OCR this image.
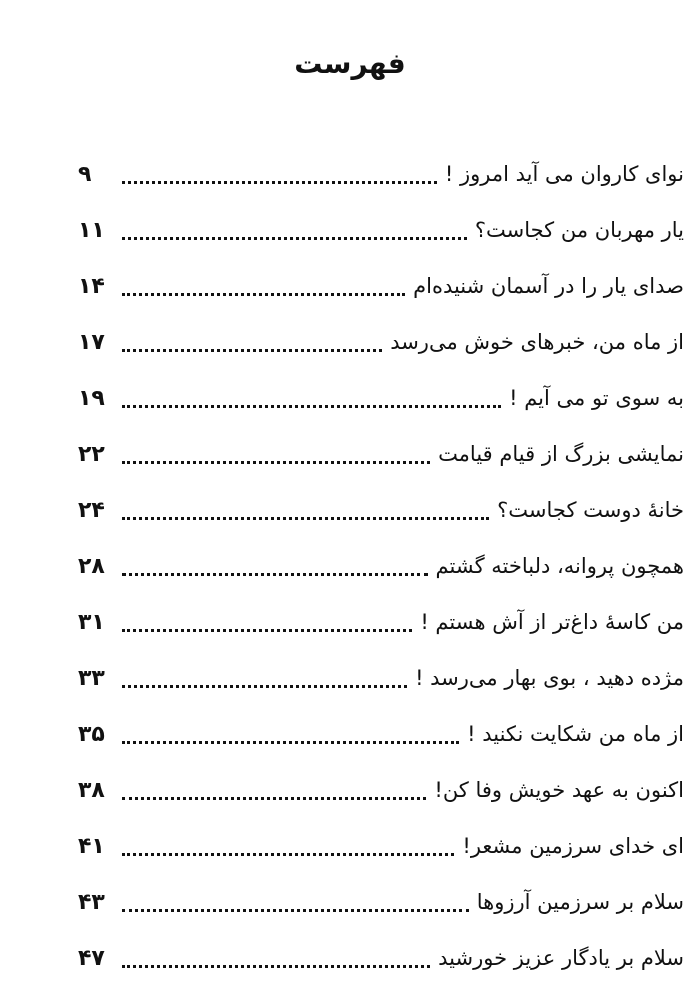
فهرست
نوای کاروان می آید امروز !
۹
یار مهربان من کجاست؟
۱۱
صدای یار را در آسمان شنیده‌ام
۱۴
از ماه من، خبرهای خوش می‌رسد
۱۷
به سوی تو می آیم !
۱۹
نمایشی بزرگ از قیام قیامت
۲۲
خانهٔ دوست کجاست؟
۲۴
همچون پروانه، دلباخته گشتم
۲۸
من کاسهٔ داغ‌تر از آش هستم !
۳۱
مژده دهید ، بوی بهار می‌رسد !
۳۳
از ماه من شکایت نکنید !
۳۵
اکنون به عهد خویش وفا کن!
۳۸
ای خدای سرزمین مشعر!
۴۱
سلام بر سرزمین آرزوها
۴۳
سلام بر یادگار عزیز خورشید
۴۷
